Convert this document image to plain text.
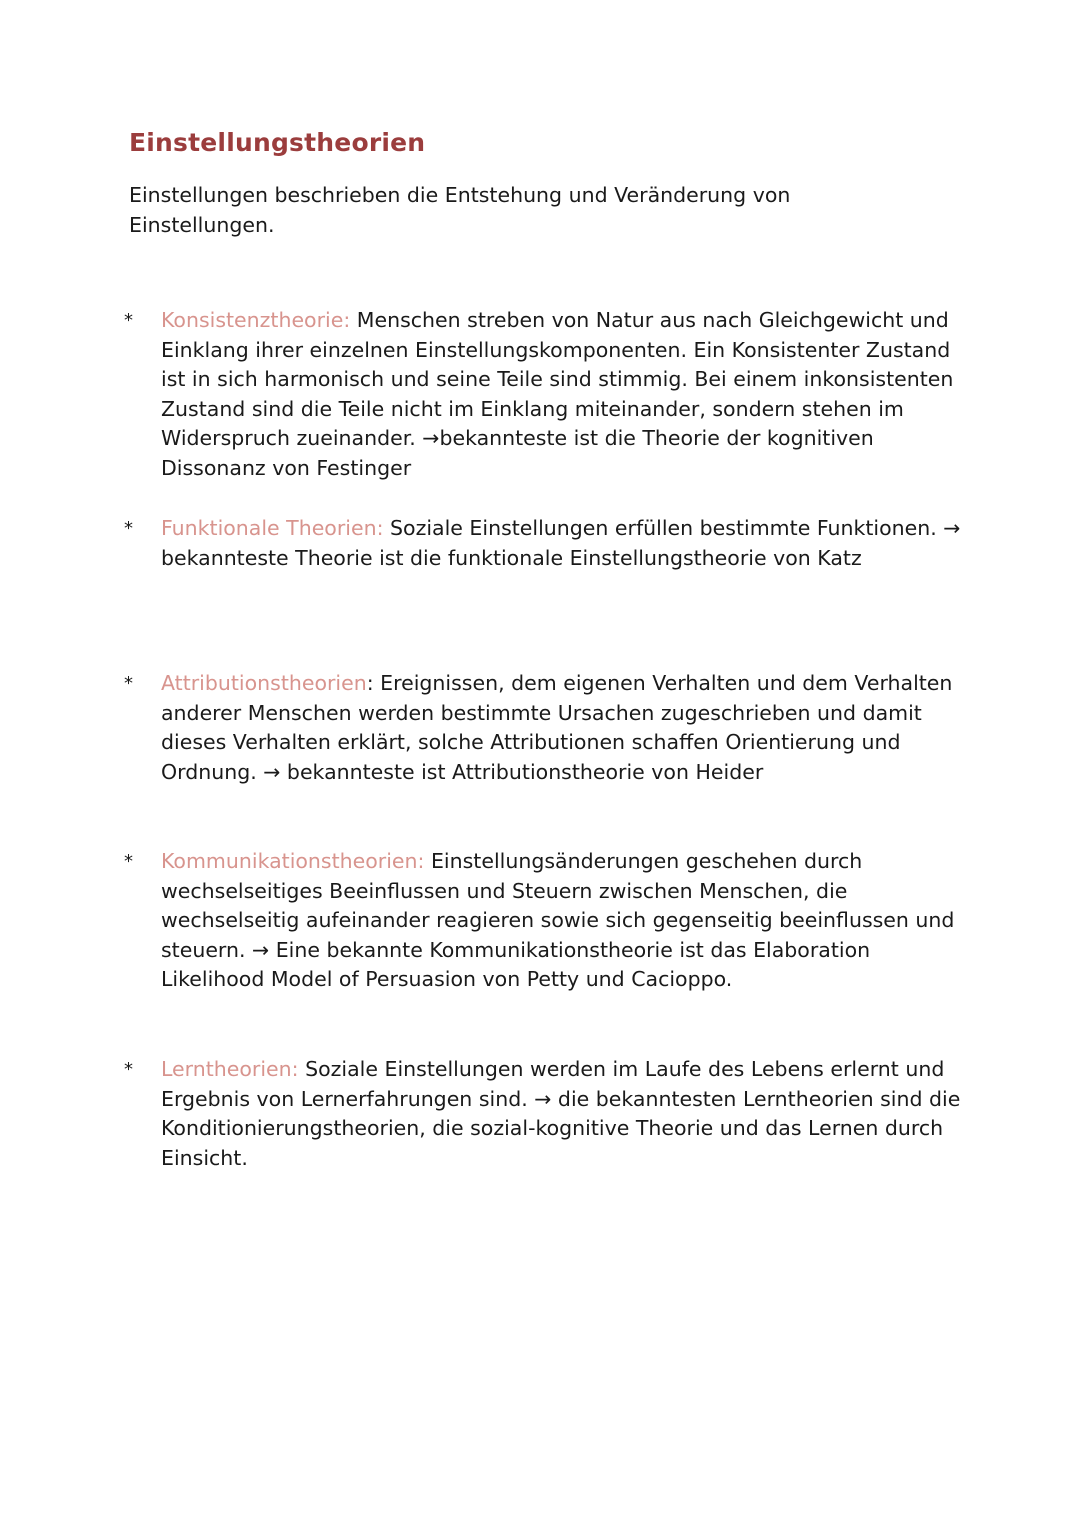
Einstellungstheorien

Einstellungen beschrieben die Entstehung und Veränderung von Einstellungen.

* Konsistenztheorie: Menschen streben von Natur aus nach Gleichgewicht und Einklang ihrer einzelnen Einstellungskomponenten. Ein Konsistenter Zustand ist in sich harmonisch und seine Teile sind stimmig. Bei einem inkonsistenten Zustand sind die Teile nicht im Einklang miteinander, sondern stehen im Widerspruch zueinander. →bekannteste ist die Theorie der kognitiven Dissonanz von Festinger

* Funktionale Theorien: Soziale Einstellungen erfüllen bestimmte Funktionen. → bekannteste Theorie ist die funktionale Einstellungstheorie von Katz

* Attributionstheorien: Ereignissen, dem eigenen Verhalten und dem Verhalten anderer Menschen werden bestimmte Ursachen zugeschrieben und damit dieses Verhalten erklärt, solche Attributionen schaffen Orientierung und Ordnung. → bekannteste ist Attributionstheorie von Heider

* Kommunikationstheorien: Einstellungsänderungen geschehen durch wechselseitiges Beeinflussen und Steuern zwischen Menschen, die wechselseitig aufeinander reagieren sowie sich gegenseitig beeinflussen und steuern. → Eine bekannte Kommunikationstheorie ist das Elaboration Likelihood Model of Persuasion von Petty und Cacioppo.

* Lerntheorien: Soziale Einstellungen werden im Laufe des Lebens erlernt und Ergebnis von Lernerfahrungen sind. → die bekanntesten Lerntheorien sind die Konditionierungstheorien, die sozial-kognitive Theorie und das Lernen durch Einsicht.
